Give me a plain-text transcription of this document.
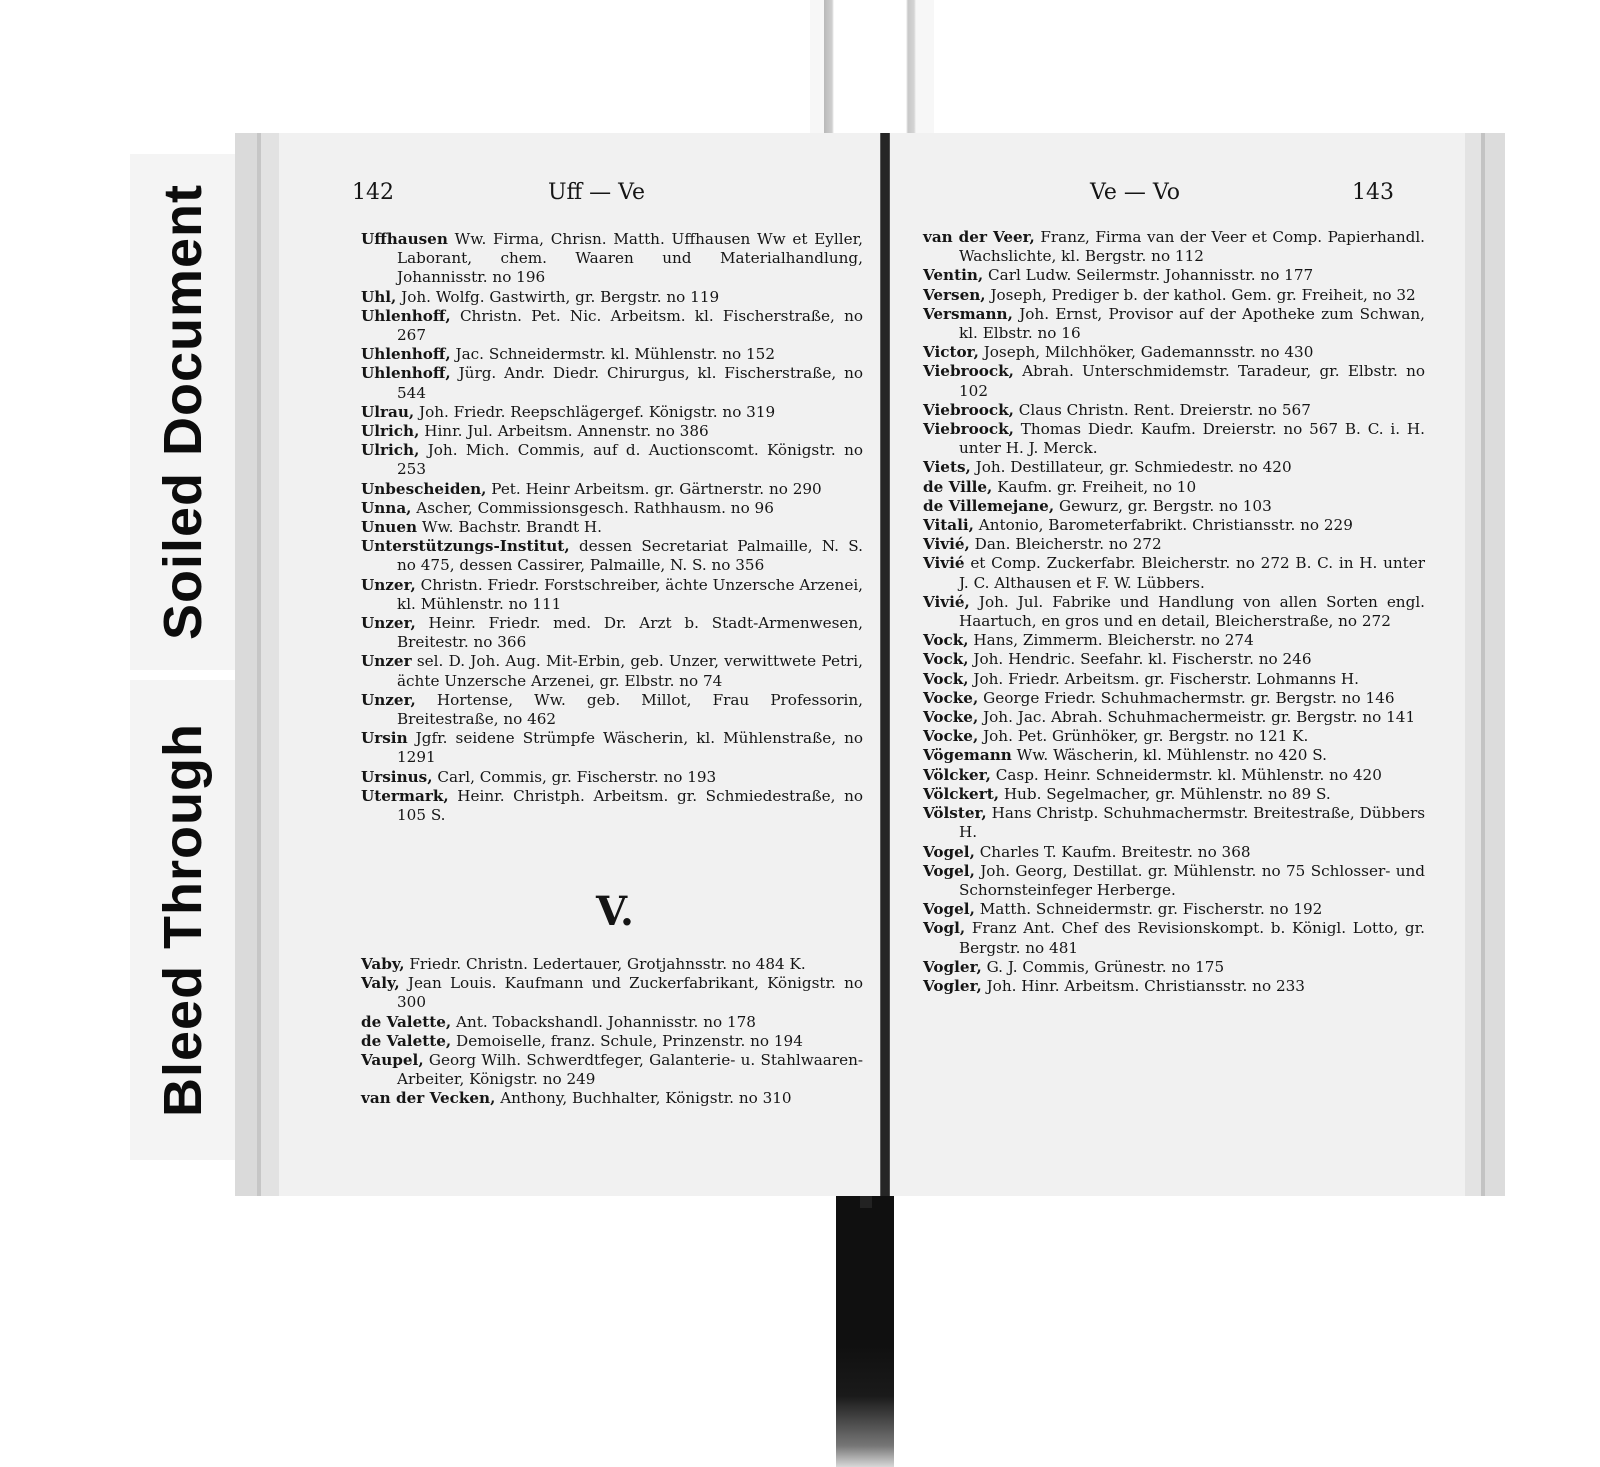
Soiled Document
Bleed Through
142	Uff — Ve	Ve — Vo	143

Uffhausen Ww. Firma, Chrisn. Matth. Uffhausen Ww et Eyller, Laborant, chem. Waaren und Materialhandlung, Johannisstr. no 196

Uhl, Joh. Wolfg. Gastwirth, gr. Bergstr. no 119

Uhlenhoff, Christn. Pet. Nic. Arbeitsm. kl. Fischerstraße, no 267

Uhlenhoff, Jac. Schneidermstr. kl. Mühlenstr. no 152

Uhlenhoff, Jürg. Andr. Diedr. Chirurgus, kl. Fischerstraße, no 544

Ulrau, Joh. Friedr. Reepschlägergef. Königstr. no 319

Ulrich, Hinr. Jul. Arbeitsm. Annenstr. no 386

Ulrich, Joh. Mich. Commis, auf d. Auctionscomt. Königstr. no 253

Unbescheiden, Pet. Heinr Arbeitsm. gr. Gärtnerstr. no 290

Unna, Ascher, Commissionsgesch. Rathhausm. no 96

Unuen Ww. Bachstr. Brandt H.

Unterstützungs-Institut, dessen Secretariat Palmaille, N. S. no 475, dessen Cassirer, Palmaille, N. S. no 356

Unzer, Christn. Friedr. Forstschreiber, ächte Unzersche Arzenei, kl. Mühlenstr. no 111

Unzer, Heinr. Friedr. med. Dr. Arzt b. Stadt-Armenwesen, Breitestr. no 366

Unzer sel. D. Joh. Aug. Mit-Erbin, geb. Unzer, verwittwete Petri, ächte Unzersche Arzenei, gr. Elbstr. no 74

Unzer, Hortense, Ww. geb. Millot, Frau Professorin, Breitestraße, no 462

Ursin Jgfr. seidene Strümpfe Wäscherin, kl. Mühlenstraße, no 1291

Ursinus, Carl, Commis, gr. Fischerstr. no 193

Utermark, Heinr. Christph. Arbeitsm. gr. Schmiedestraße, no 105 S.

V.

Vaby, Friedr. Christn. Ledertauer, Grotjahnsstr. no 484 K.

Valy, Jean Louis. Kaufmann und Zuckerfabrikant, Königstr. no 300

de Valette, Ant. Tobackshandl. Johannisstr. no 178

de Valette, Demoiselle, franz. Schule, Prinzenstr. no 194

Vaupel, Georg Wilh. Schwerdtfeger, Galanterie- u. Stahlwaaren-Arbeiter, Königstr. no 249

van der Vecken, Anthony, Buchhalter, Königstr. no 310

van der Veer, Franz, Firma van der Veer et Comp. Papierhandl. Wachslichte, kl. Bergstr. no 112

Ventin, Carl Ludw. Seilermstr. Johannisstr. no 177

Versen, Joseph, Prediger b. der kathol. Gem. gr. Freiheit, no 32

Versmann, Joh. Ernst, Provisor auf der Apotheke zum Schwan, kl. Elbstr. no 16

Victor, Joseph, Milchhöker, Gademannsstr. no 430

Viebroock, Abrah. Unterschmidemstr. Taradeur, gr. Elbstr. no 102

Viebroock, Claus Christn. Rent. Dreierstr. no 567

Viebroock, Thomas Diedr. Kaufm. Dreierstr. no 567 B. C. i. H. unter H. J. Merck.

Viets, Joh. Destillateur, gr. Schmiedestr. no 420

de Ville, Kaufm. gr. Freiheit, no 10

de Villemejane, Gewurz, gr. Bergstr. no 103

Vitali, Antonio, Barometerfabrikt. Christiansstr. no 229

Vivié, Dan. Bleicherstr. no 272

Vivié et Comp. Zuckerfabr. Bleicherstr. no 272 B. C. in H. unter J. C. Althausen et F. W. Lübbers.

Vivié, Joh. Jul. Fabrike und Handlung von allen Sorten engl. Haartuch, en gros und en detail, Bleicherstraße, no 272

Vock, Hans, Zimmerm. Bleicherstr. no 274

Vock, Joh. Hendric. Seefahr. kl. Fischerstr. no 246

Vock, Joh. Friedr. Arbeitsm. gr. Fischerstr. Lohmanns H.

Vocke, George Friedr. Schuhmachermstr. gr. Bergstr. no 146

Vocke, Joh. Jac. Abrah. Schuhmachermeistr. gr. Bergstr. no 141

Vocke, Joh. Pet. Grünhöker, gr. Bergstr. no 121 K.

Vögemann Ww. Wäscherin, kl. Mühlenstr. no 420 S.

Völcker, Casp. Heinr. Schneidermstr. kl. Mühlenstr. no 420

Völckert, Hub. Segelmacher, gr. Mühlenstr. no 89 S.

Völster, Hans Christp. Schuhmachermstr. Breitestraße, Dübbers H.

Vogel, Charles T. Kaufm. Breitestr. no 368

Vogel, Joh. Georg, Destillat. gr. Mühlenstr. no 75 Schlosser- und Schornsteinfeger Herberge.

Vogel, Matth. Schneidermstr. gr. Fischerstr. no 192

Vogl, Franz Ant. Chef des Revisionskompt. b. Königl. Lotto, gr. Bergstr. no 481

Vogler, G. J. Commis, Grünestr. no 175

Vogler, Joh. Hinr. Arbeitsm. Christiansstr. no 233
